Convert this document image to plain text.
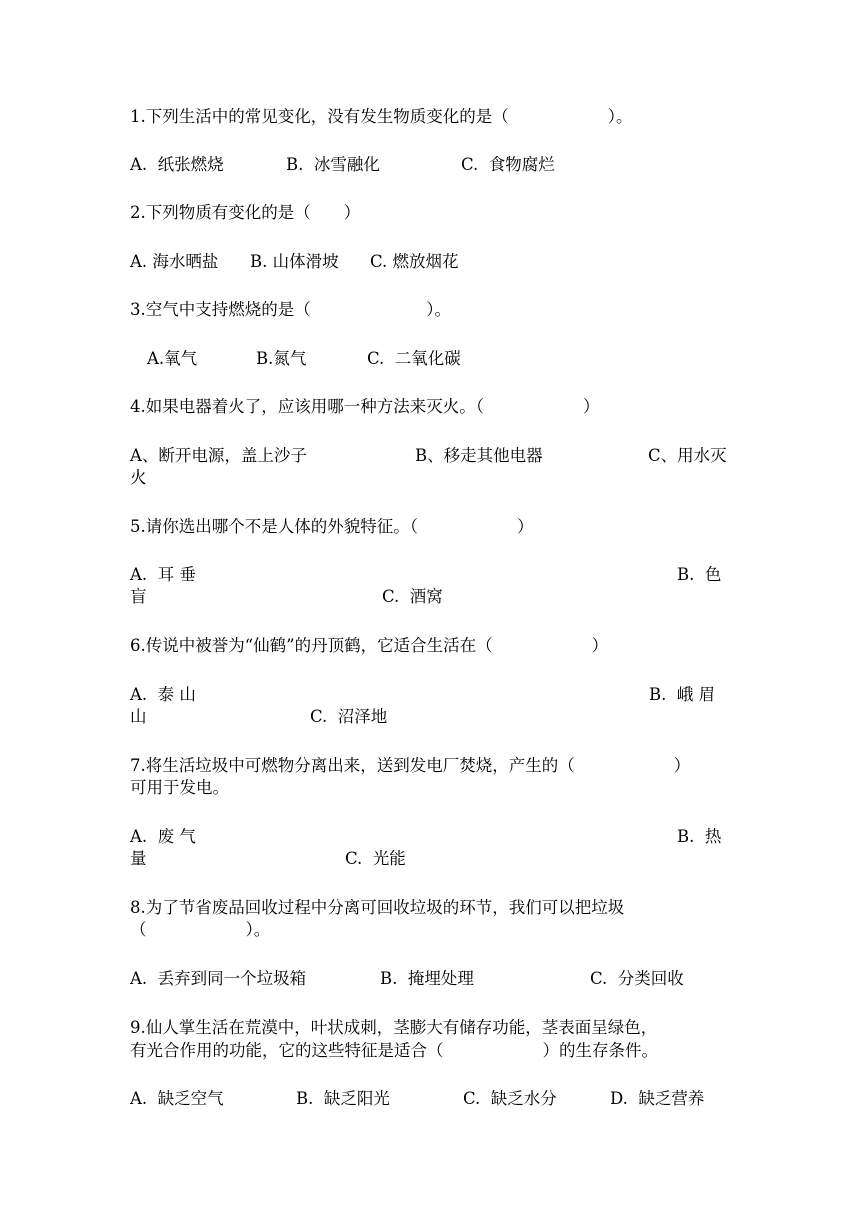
1.下列生活中的常见变化，没有发生物质变化的是（　　　　　　）。
A.  纸张燃烧	B.  冰雪融化	C.  食物腐烂
2.下列物质有变化的是（　　）
A. 海水晒盐 B. 山体滑坡 C. 燃放烟花
3.空气中支持燃烧的是（　　　　　　　）。
A.氧气	B.氮气	C.  二氧化碳
4.如果电器着火了，应该用哪一种方法来灭火。（　　　　　　）
A、断开电源，盖上沙子	B、移走其他电器	C、用水灭
火
5.请你选出哪个不是人体的外貌特征。（　　　　　　）
A.  耳 垂	B.  色
盲	C.  酒窝
6.传说中被誉为“仙鹤”的丹顶鹤，它适合生活在（　　　　　　）
A.  泰 山	B.  峨 眉
山	C.  沼泽地
7.将生活垃圾中可燃物分离出来，送到发电厂焚烧，产生的（　　　　　　）
可用于发电。
A.  废 气	B.  热
量	C.  光能
8.为了节省废品回收过程中分离可回收垃圾的环节，我们可以把垃圾
（　　　　　　）。
A.  丢弃到同一个垃圾箱	B.  掩埋处理	C.  分类回收
9.仙人掌生活在荒漠中，叶状成刺，茎膨大有储存功能，茎表面呈绿色，
有光合作用的功能，它的这些特征是适合（　　　　　　）的生存条件。
A.  缺乏空气	B.  缺乏阳光	C.  缺乏水分	D.  缺乏营养
